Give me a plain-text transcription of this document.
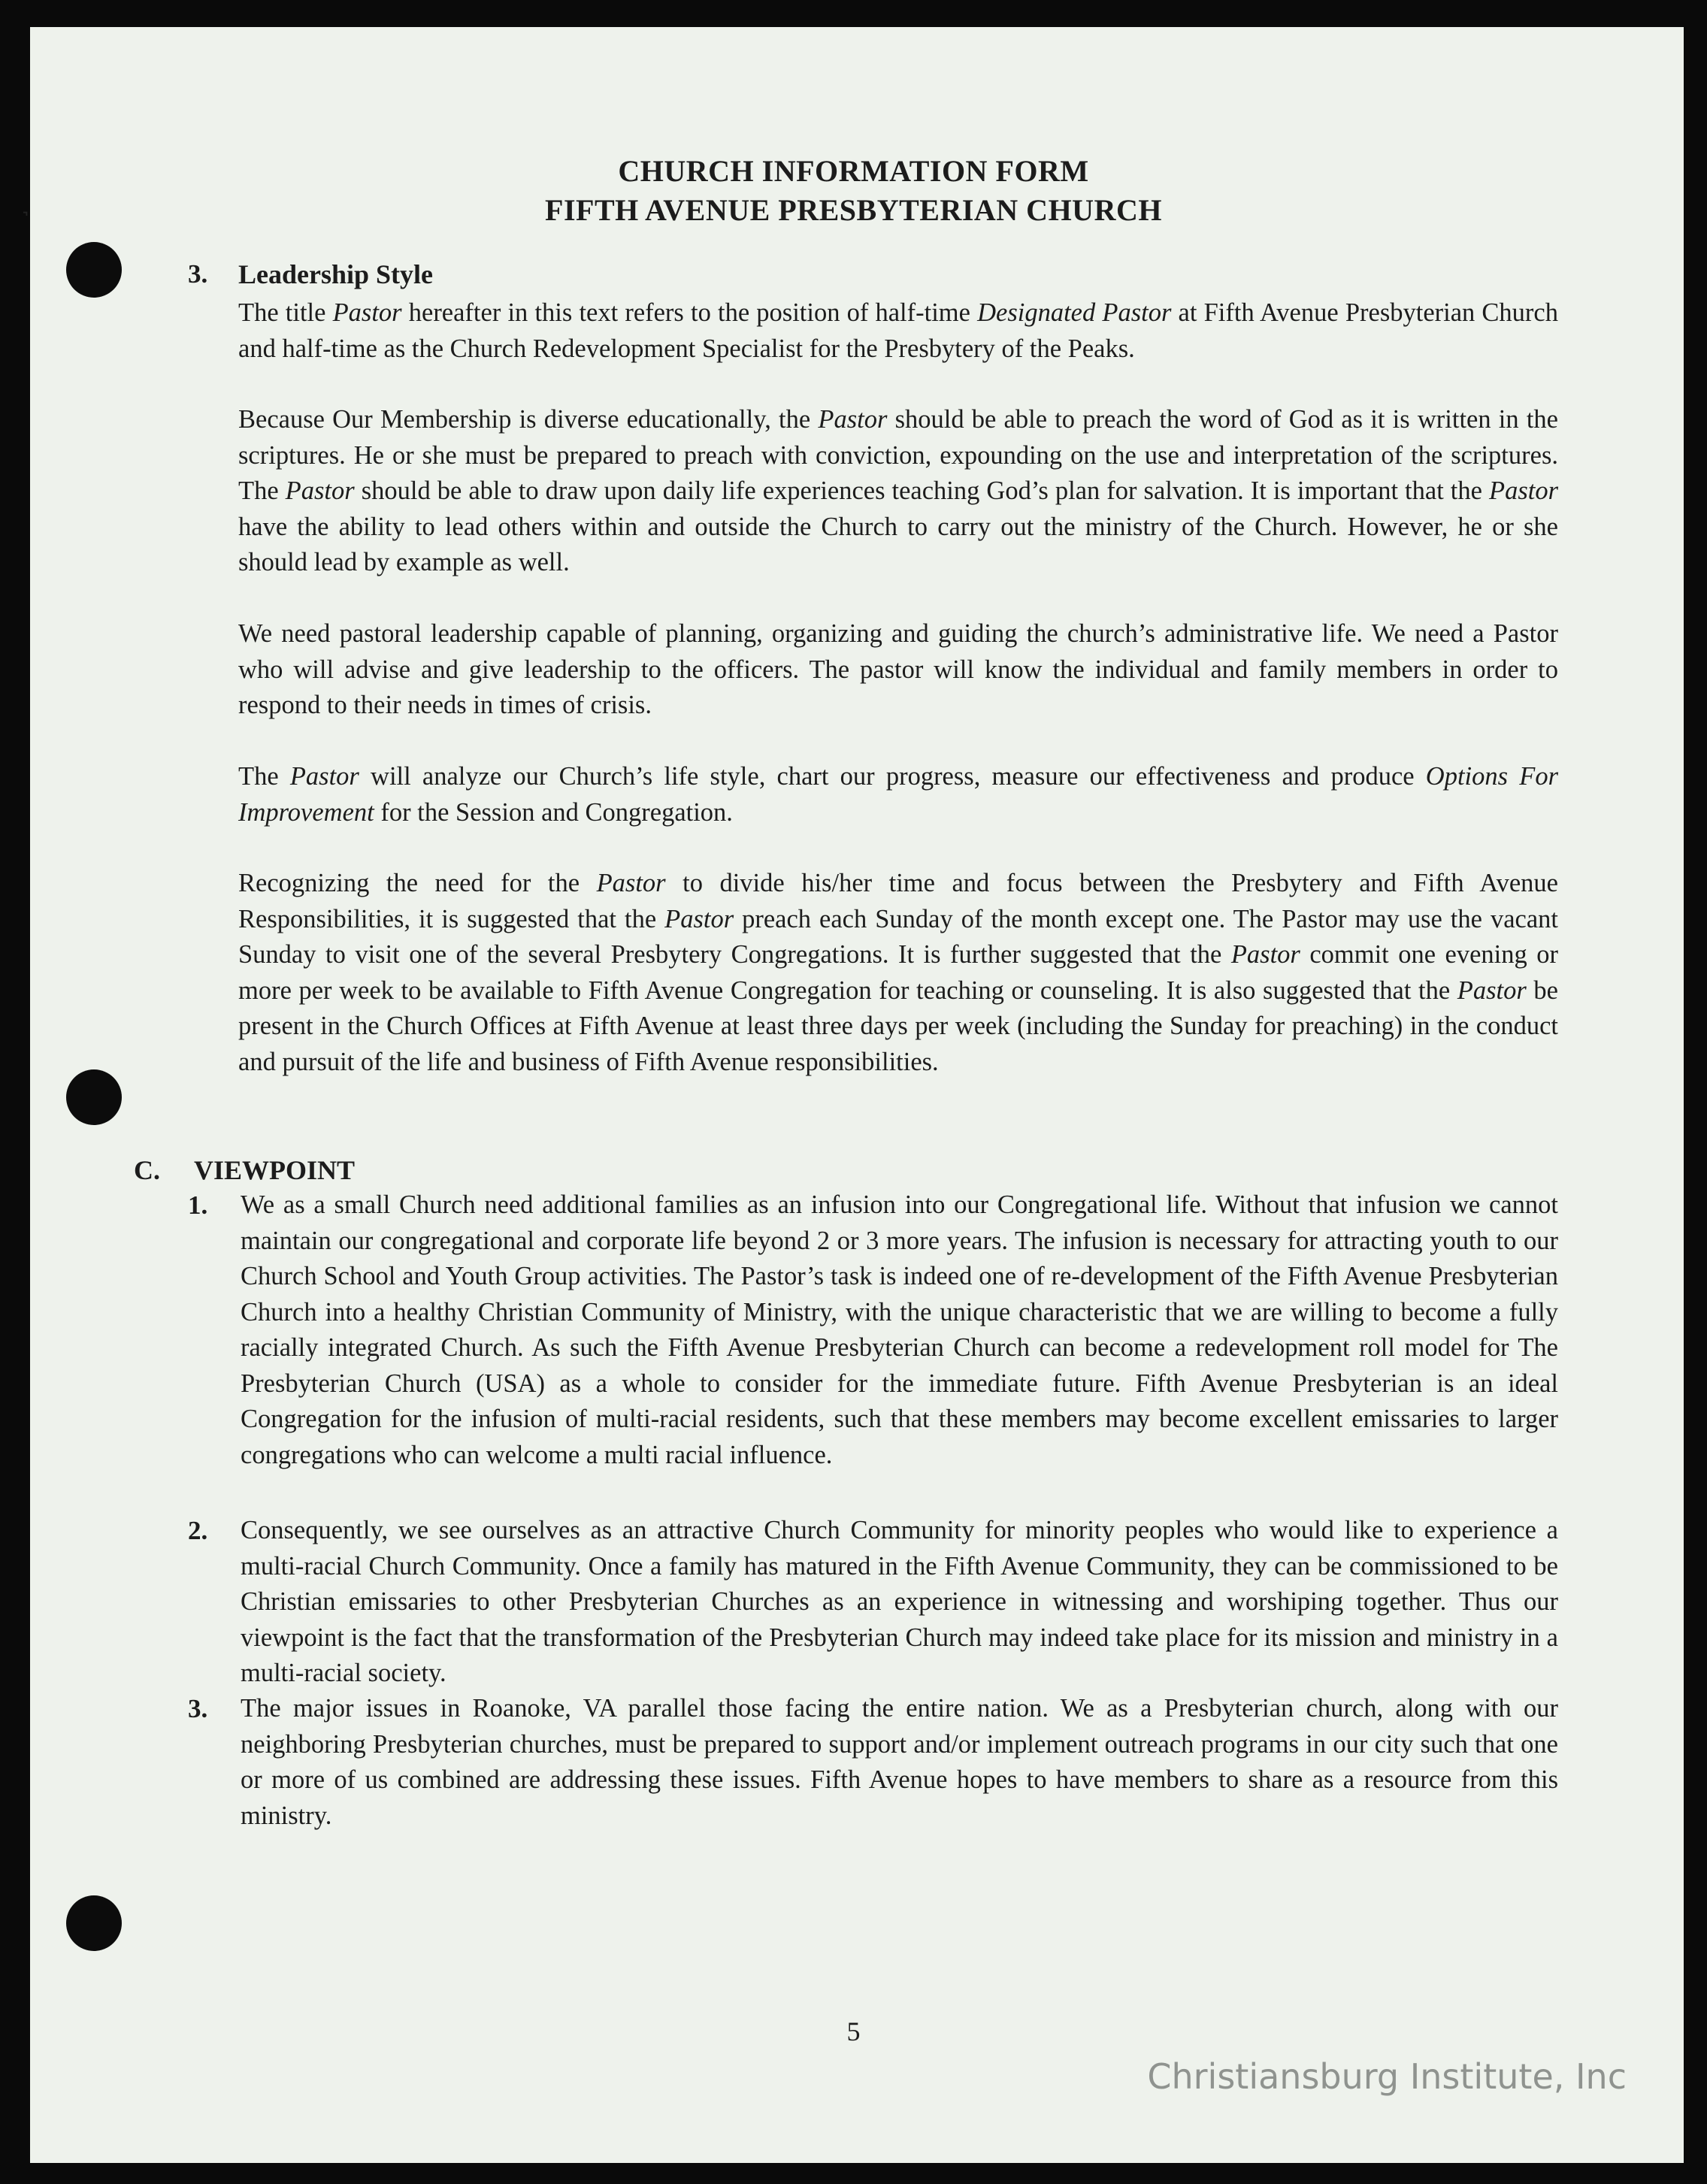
˺
CHURCH INFORMATION FORM
FIFTH AVENUE PRESBYTERIAN CHURCH
3. Leadership Style
The title Pastor hereafter in this text refers to the position of half-time Designated Pastor at Fifth Avenue Presbyterian Church and half-time as the Church Redevelopment Specialist for the Presbytery of the Peaks.
Because Our Membership is diverse educationally, the Pastor should be able to preach the word of God as it is written in the scriptures. He or she must be prepared to preach with conviction, expounding on the use and interpretation of the scriptures. The Pastor should be able to draw upon daily life experiences teaching God’s plan for salvation. It is important that the Pastor have the ability to lead others within and outside the Church to carry out the ministry of the Church. However, he or she should lead by example as well.
We need pastoral leadership capable of planning, organizing and guiding the church’s administrative life. We need a Pastor who will advise and give leadership to the officers. The pastor will know the individual and family members in order to respond to their needs in times of crisis.
The Pastor will analyze our Church’s life style, chart our progress, measure our effectiveness and produce Options For Improvement for the Session and Congregation.
Recognizing the need for the Pastor to divide his/her time and focus between the Presbytery and Fifth Avenue Responsibilities, it is suggested that the Pastor preach each Sunday of the month except one. The Pastor may use the vacant Sunday to visit one of the several Presbytery Congregations. It is further suggested that the Pastor commit one evening or more per week to be available to Fifth Avenue Congregation for teaching or counseling. It is also suggested that the Pastor be present in the Church Offices at Fifth Avenue at least three days per week (including the Sunday for preaching) in the conduct and pursuit of the life and business of Fifth Avenue responsibilities.
C. VIEWPOINT
1. We as a small Church need additional families as an infusion into our Congregational life. Without that infusion we cannot maintain our congregational and corporate life beyond 2 or 3 more years. The infusion is necessary for attracting youth to our Church School and Youth Group activities. The Pastor’s task is indeed one of re-development of the Fifth Avenue Presbyterian Church into a healthy Christian Community of Ministry, with the unique characteristic that we are willing to become a fully racially integrated Church. As such the Fifth Avenue Presbyterian Church can become a redevelopment roll model for The Presbyterian Church (USA) as a whole to consider for the immediate future. Fifth Avenue Presbyterian is an ideal Congregation for the infusion of multi-racial residents, such that these members may become excellent emissaries to larger congregations who can welcome a multi racial influence.
2. Consequently, we see ourselves as an attractive Church Community for minority peoples who would like to experience a multi-racial Church Community. Once a family has matured in the Fifth Avenue Community, they can be commissioned to be Christian emissaries to other Presbyterian Churches as an experience in witnessing and worshiping together. Thus our viewpoint is the fact that the transformation of the Presbyterian Church may indeed take place for its mission and ministry in a multi-racial society.
3. The major issues in Roanoke, VA parallel those facing the entire nation. We as a Presbyterian church, along with our neighboring Presbyterian churches, must be prepared to support and/or implement outreach programs in our city such that one or more of us combined are addressing these issues. Fifth Avenue hopes to have members to share as a resource from this ministry.
5
Christiansburg Institute, Inc
